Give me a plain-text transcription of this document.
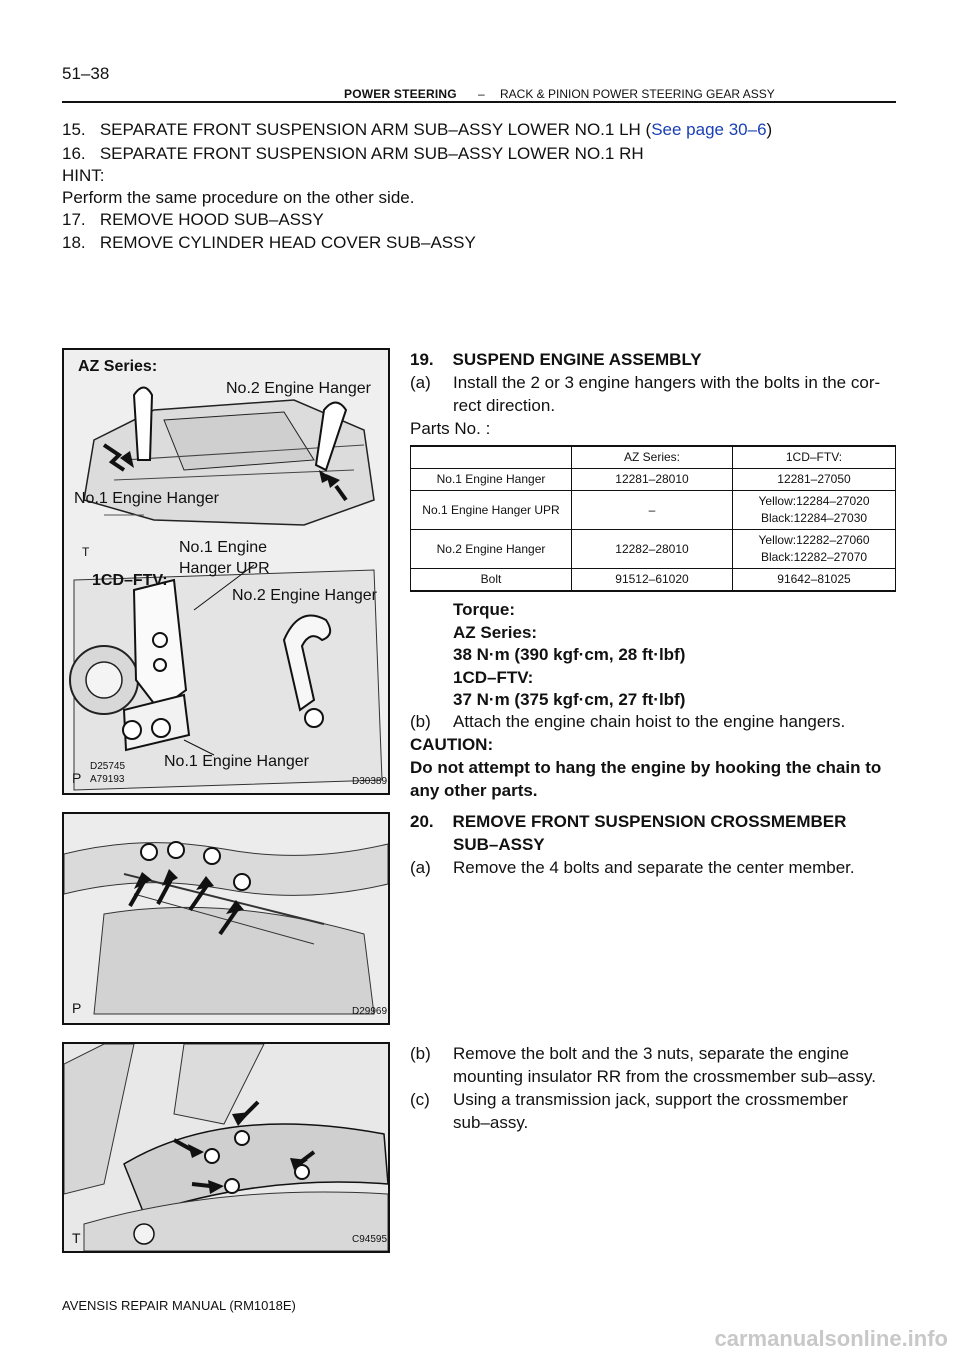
51–38
POWER STEERING – RACK & PINION POWER STEERING GEAR ASSY
15. SEPARATE FRONT SUSPENSION ARM SUB–ASSY LOWER NO.1 LH (See page 30–6)
16. SEPARATE FRONT SUSPENSION ARM SUB–ASSY LOWER NO.1 RH
HINT:
Perform the same procedure on the other side.
17. REMOVE HOOD SUB–ASSY
18. REMOVE CYLINDER HEAD COVER SUB–ASSY
AZ Series:
No.2 Engine Hanger
No.1 Engine Hanger
T	No.1 Engine
Hanger UPR
1CD–FTV:
No.2 Engine Hanger
No.1 Engine Hanger
D25745
A79193	D30389
P
19. SUSPEND ENGINE ASSEMBLY
(a) Install the 2 or 3 engine hangers with the bolts in the cor-
rect direction.
Parts No. :
	AZ Series:	1CD–FTV:
No.1 Engine Hanger	12281–28010	12281–27050
No.1 Engine Hanger UPR	–	Yellow:12284–27020
Black:12284–27030
No.2 Engine Hanger	12282–28010	Yellow:12282–27060
Black:12282–27070
Bolt	91512–61020	91642–81025
Torque:
AZ Series:
38 N·m (390 kgf·cm, 28 ft·lbf)
1CD–FTV:
37 N·m (375 kgf·cm, 27 ft·lbf)
(b) Attach the engine chain hoist to the engine hangers.
CAUTION:
Do not attempt to hang the engine by hooking the chain to
any other parts.
P	D29969
20. REMOVE FRONT SUSPENSION CROSSMEMBER
SUB–ASSY
(a) Remove the 4 bolts and separate the center member.
T	C94595
(b) Remove the bolt and the 3 nuts, separate the engine
mounting insulator RR from the crossmember sub–assy.
(c) Using a transmission jack, support the crossmember
sub–assy.
AVENSIS REPAIR MANUAL (RM1018E)
carmanualsonline.info
